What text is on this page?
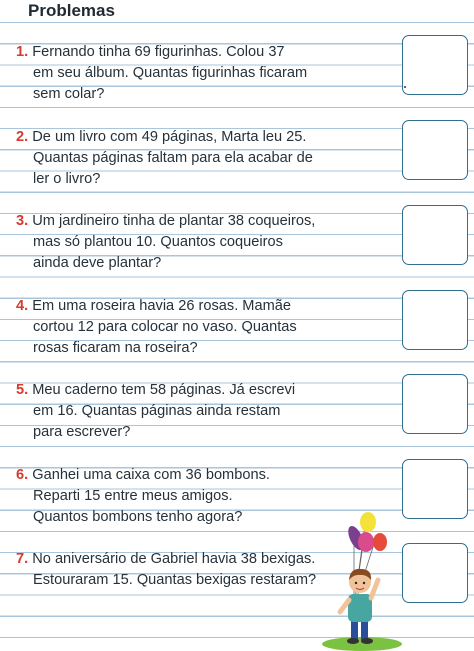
Problemas
1. Fernando tinha 69 figurinhas. Colou 37
em seu álbum. Quantas figurinhas ficaram
sem colar?
2. De um livro com 49 páginas, Marta leu 25.
Quantas páginas faltam para ela acabar de
ler o livro?
3. Um jardineiro tinha de plantar 38 coqueiros,
mas só plantou 10. Quantos coqueiros
ainda deve plantar?
4. Em uma roseira havia 26 rosas. Mamãe
cortou 12 para colocar no vaso. Quantas
rosas ficaram na roseira?
5. Meu caderno tem 58 páginas. Já escrevi
em 16. Quantas páginas ainda restam
para escrever?
6. Ganhei uma caixa com 36 bombons.
Reparti 15 entre meus amigos.
Quantos bombons tenho agora?
7. No aniversário de Gabriel havia 38 bexigas.
Estouraram 15. Quantas bexigas restaram?
